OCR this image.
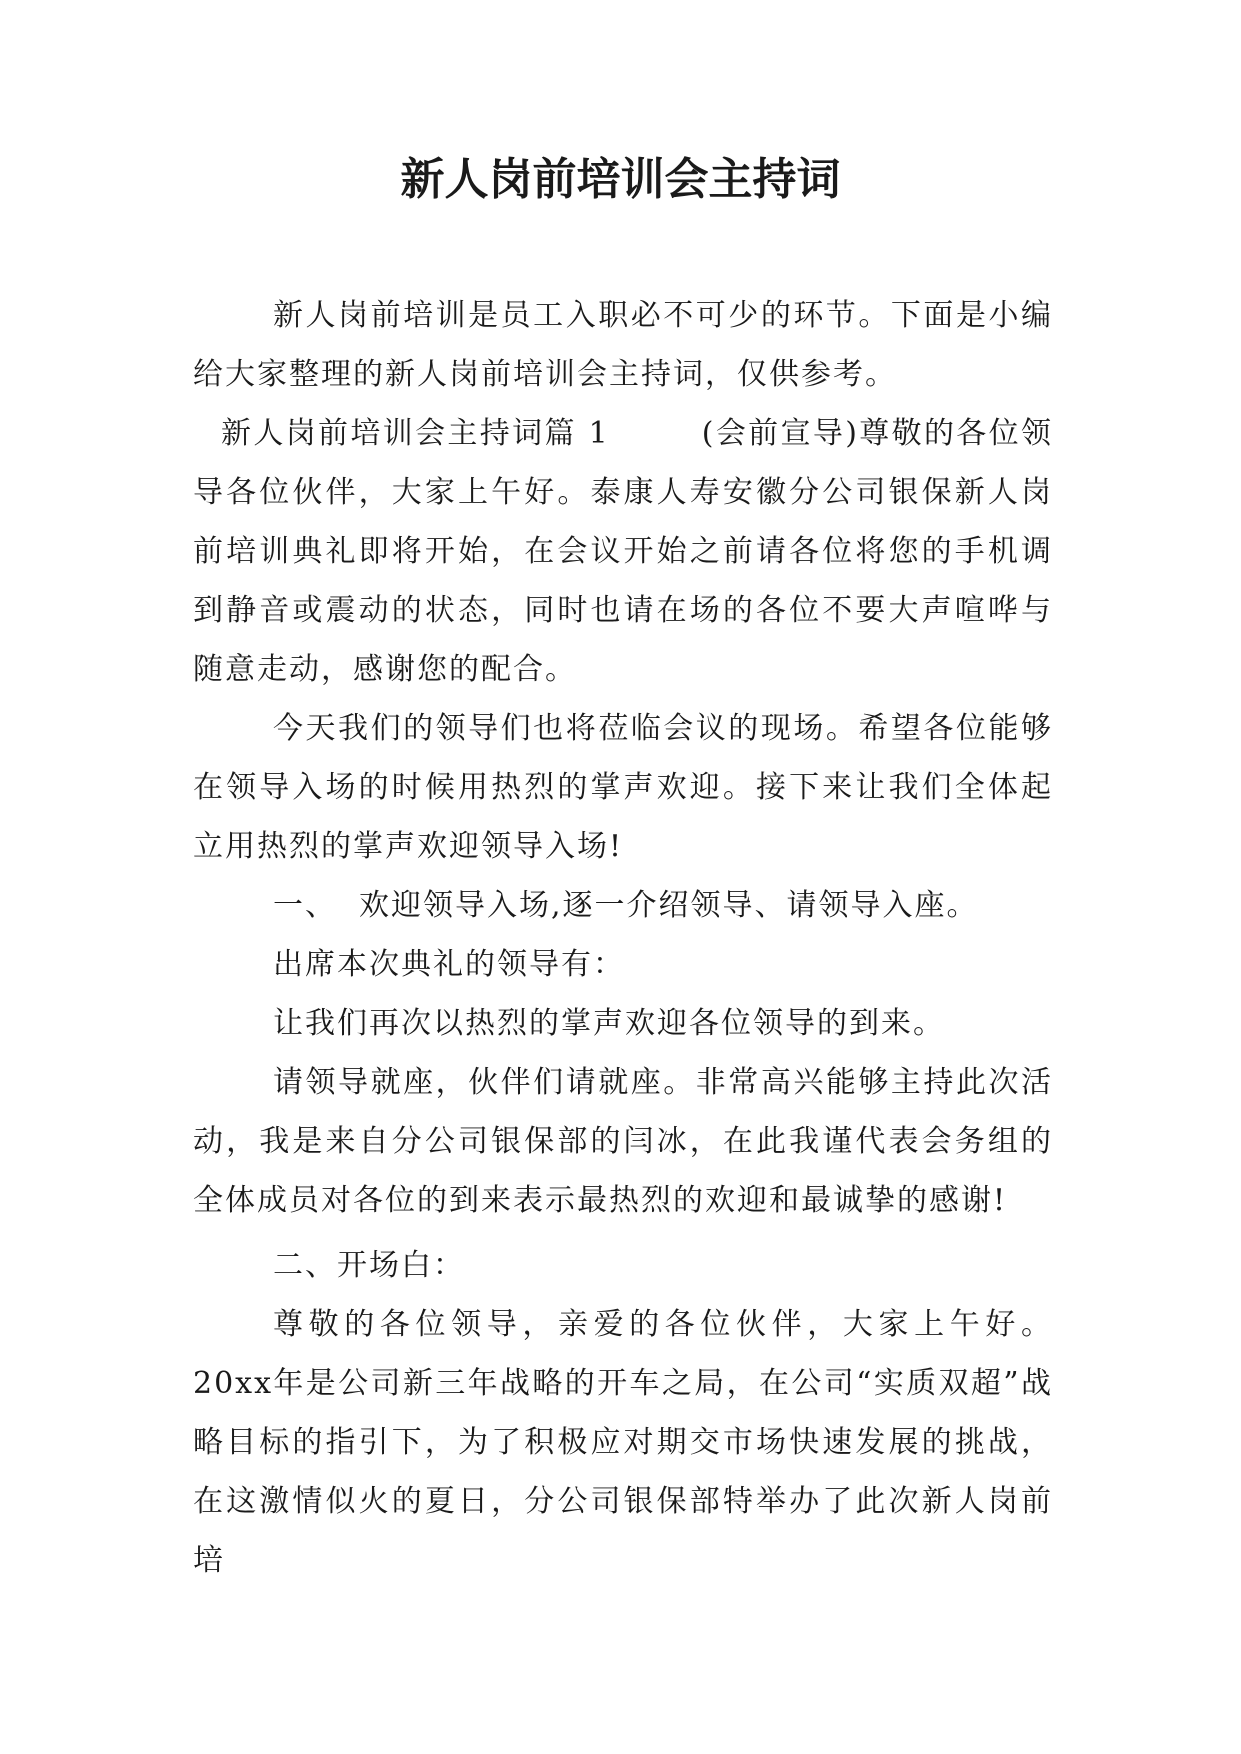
新人岗前培训会主持词

新人岗前培训是员工入职必不可少的环节。下面是小编给大家整理的新人岗前培训会主持词，仅供参考。

新人岗前培训会主持词篇 1	(会前宣导)尊敬的各位领导各位伙伴，大家上午好。泰康人寿安徽分公司银保新人岗前培训典礼即将开始，在会议开始之前请各位将您的手机调到静音或震动的状态，同时也请在场的各位不要大声喧哗与随意走动，感谢您的配合。

今天我们的领导们也将莅临会议的现场。希望各位能够在领导入场的时候用热烈的掌声欢迎。接下来让我们全体起立用热烈的掌声欢迎领导入场!

一、 欢迎领导入场,逐一介绍领导、请领导入座。

出席本次典礼的领导有：

让我们再次以热烈的掌声欢迎各位领导的到来。

请领导就座，伙伴们请就座。非常高兴能够主持此次活动，我是来自分公司银保部的闫冰，在此我谨代表会务组的全体成员对各位的到来表示最热烈的欢迎和最诚挚的感谢!

二、开场白：

尊敬的各位领导，亲爱的各位伙伴，大家上午好。20xx年是公司新三年战略的开车之局，在公司“实质双超”战略目标的指引下，为了积极应对期交市场快速发展的挑战，在这激情似火的夏日，分公司银保部特举办了此次新人岗前培
